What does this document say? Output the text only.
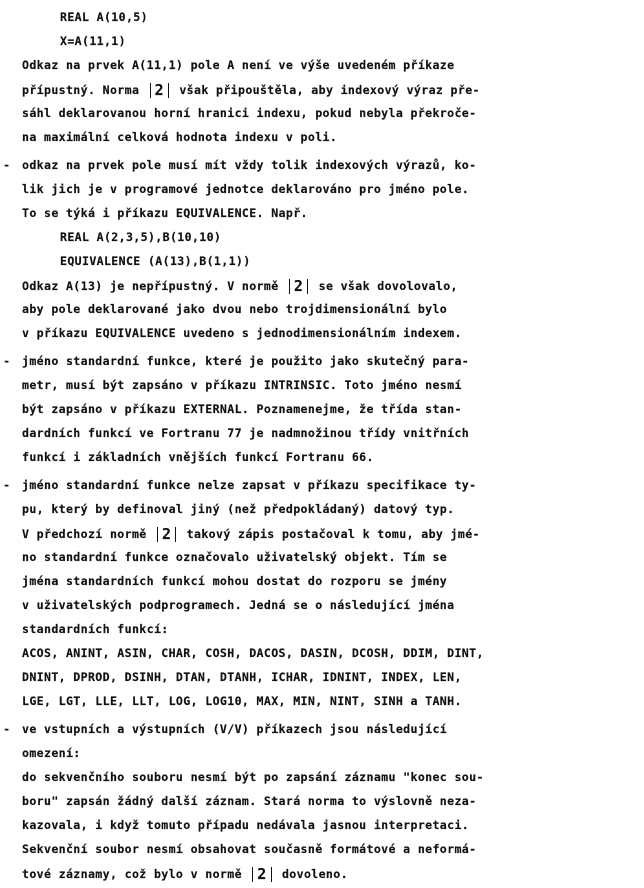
REAL A(10,5)
X=A(11,1)
Odkaz na prvek A(11,1) pole A není ve výše uvedeném příkaze
přípustný. Norma 2 však připouštěla, aby indexový výraz pře-
sáhl deklarovanou horní hranici indexu, pokud nebyla překroče-
na maximální celková hodnota indexu v poli.
- odkaz na prvek pole musí mít vždy tolik indexových výrazů, ko-
lik jich je v programové jednotce deklarováno pro jméno pole.
To se týká i příkazu EQUIVALENCE. Např.
REAL A(2,3,5),B(10,10)
EQUIVALENCE (A(13),B(1,1))
Odkaz A(13) je nepřípustný. V normě 2 se však dovolovalo,
aby pole deklarované jako dvou nebo trojdimensionální bylo
v příkazu EQUIVALENCE uvedeno s jednodimensionálním indexem.
- jméno standardní funkce, které je použito jako skutečný para-
metr, musí být zapsáno v příkazu INTRINSIC. Toto jméno nesmí
být zapsáno v příkazu EXTERNAL. Poznamenejme, že třída stan-
dardních funkcí ve Fortranu 77 je nadmnožinou třídy vnitřních
funkcí i základních vnějších funkcí Fortranu 66.
- jméno standardní funkce nelze zapsat v příkazu specifikace ty-
pu, který by definoval jiný (než předpokládaný) datový typ.
V předchozí normě 2 takový zápis postačoval k tomu, aby jmé-
no standardní funkce označovalo uživatelský objekt. Tím se
jména standardních funkcí mohou dostat do rozporu se jmény
v uživatelských podprogramech. Jedná se o následující jména
standardních funkcí:
ACOS, ANINT, ASIN, CHAR, COSH, DACOS, DASIN, DCOSH, DDIM, DINT,
DNINT, DPROD, DSINH, DTAN, DTANH, ICHAR, IDNINT, INDEX, LEN,
LGE, LGT, LLE, LLT, LOG, LOG10, MAX, MIN, NINT, SINH a TANH.
- ve vstupních a výstupních (V/V) příkazech jsou následující
omezení:
do sekvenčního souboru nesmí být po zapsání záznamu "konec sou-
boru" zapsán žádný další záznam. Stará norma to výslovně neza-
kazovala, i když tomuto případu nedávala jasnou interpretaci.
Sekvenční soubor nesmí obsahovat současně formátové a neformá-
tové záznamy, což bylo v normě 2 dovoleno.
